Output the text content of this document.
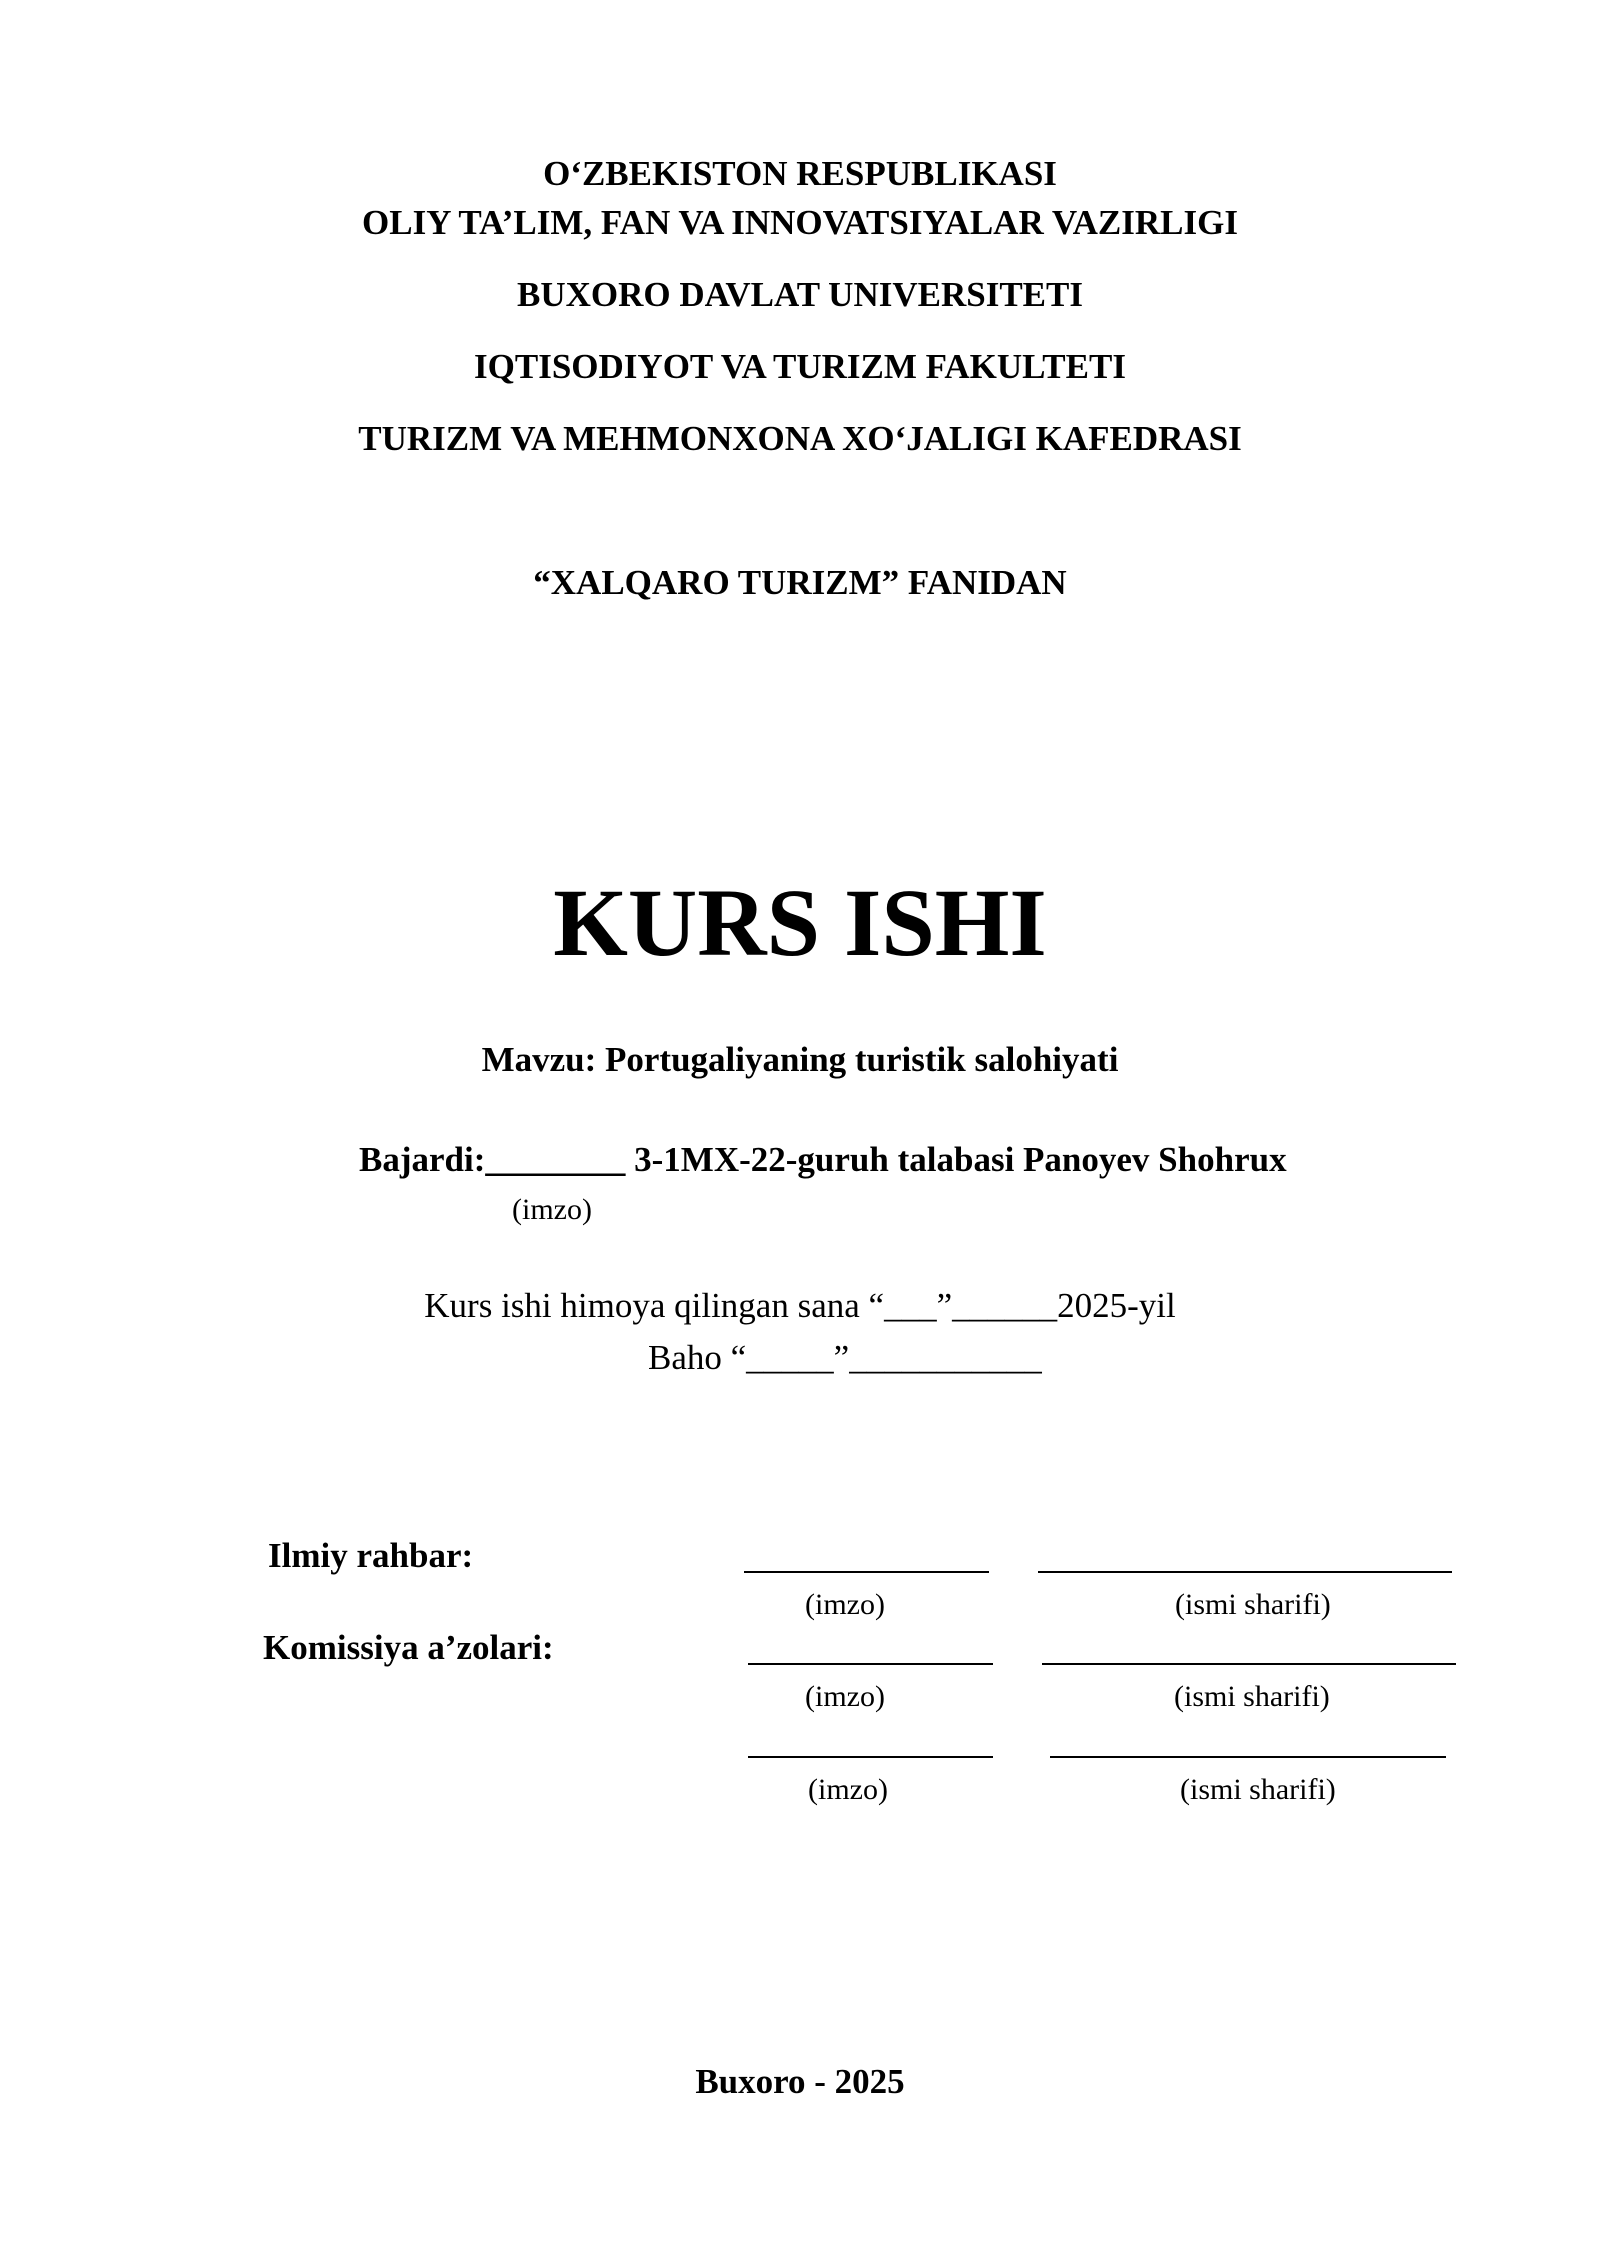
O‘ZBEKISTON RESPUBLIKASI
OLIY TA’LIM, FAN VA INNOVATSIYALAR VAZIRLIGI
BUXORO DAVLAT UNIVERSITETI
IQTISODIYOT VA TURIZM FAKULTETI
TURIZM VA MEHMONXONA XO‘JALIGI KAFEDRASI
“XALQARO TURIZM” FANIDAN
KURS ISHI
Mavzu: Portugaliyaning turistik salohiyati
Bajardi:________ 3-1MX-22-guruh talabasi Panoyev Shohrux
(imzo)
Kurs ishi himoya qilingan sana “___”______2025-yil
Baho “_____”___________
Ilmiy rahbar:
(imzo)	(ismi sharifi)
Komissiya a’zolari:
(imzo)	(ismi sharifi)
(imzo)	(ismi sharifi)
Buxoro - 2025
